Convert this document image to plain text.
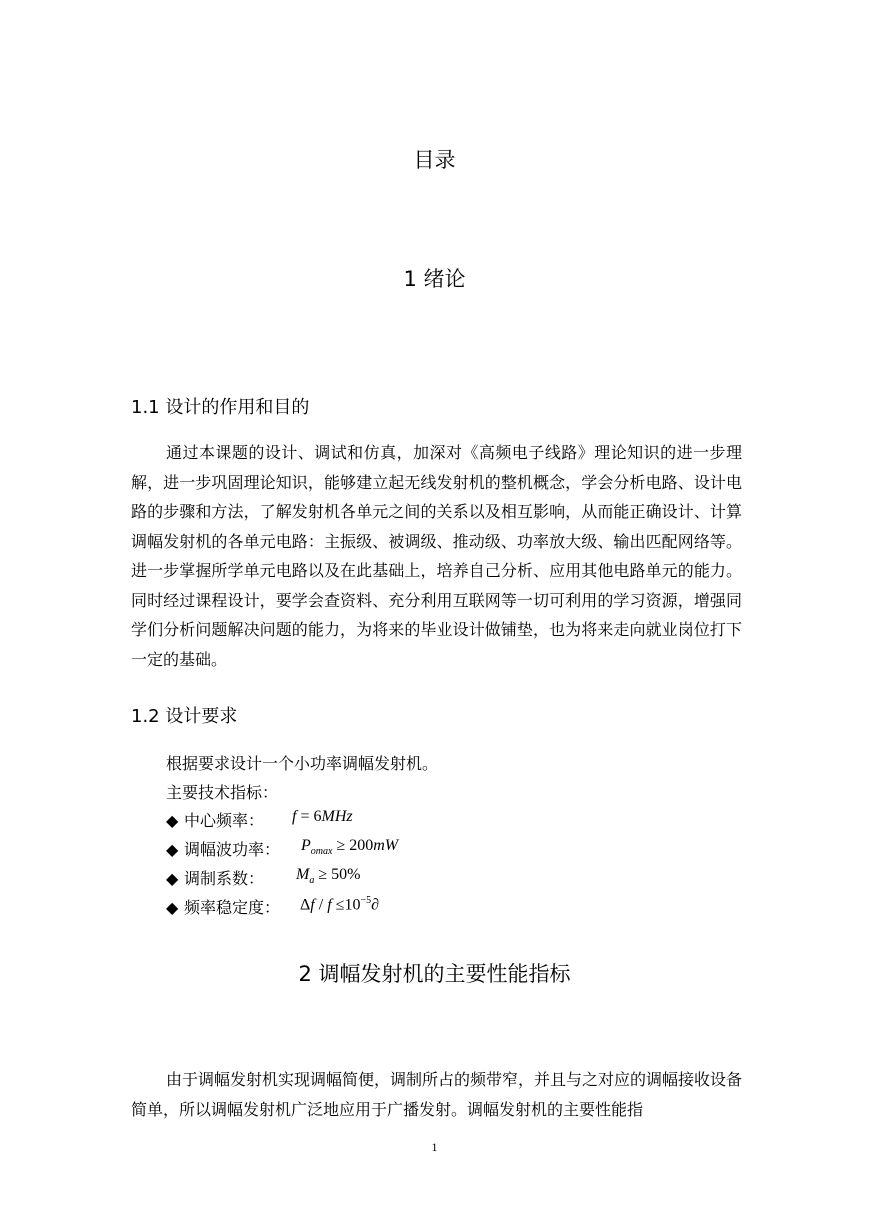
目录
1 绪论
1.1 设计的作用和目的
通过本课题的设计、调试和仿真，加深对《高频电子线路》理论知识的进一步理解，进一步巩固理论知识，能够建立起无线发射机的整机概念，学会分析电路、设计电路的步骤和方法，了解发射机各单元之间的关系以及相互影响，从而能正确设计、计算调幅发射机的各单元电路：主振级、被调级、推动级、功率放大级、输出匹配网络等。进一步掌握所学单元电路以及在此基础上，培养自己分析、应用其他电路单元的能力。同时经过课程设计，要学会查资料、充分利用互联网等一切可利用的学习资源，增强同学们分析问题解决问题的能力，为将来的毕业设计做铺垫，也为将来走向就业岗位打下一定的基础。
1.2 设计要求
根据要求设计一个小功率调幅发射机。
主要技术指标：
◆ 中心频率： f = 6MHz
◆ 调幅波功率： $P_{omax} \ge 200mW$
◆ 调制系数： $M_a \ge 50\%$
◆ 频率稳定度： $\Delta f / f \le 10^{-5}\partial$
2 调幅发射机的主要性能指标
由于调幅发射机实现调幅简便，调制所占的频带窄，并且与之对应的调幅接收设备简单，所以调幅发射机广泛地应用于广播发射。调幅发射机的主要性能指
1
